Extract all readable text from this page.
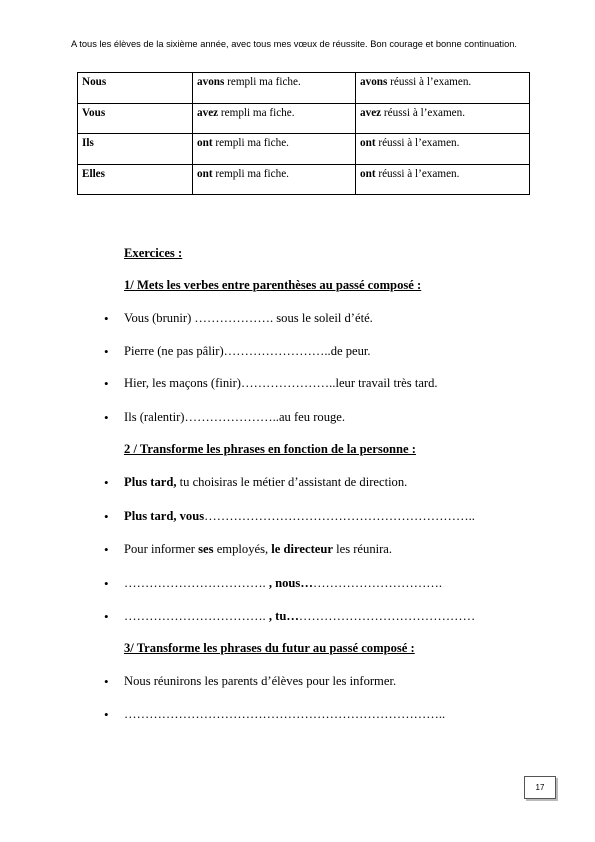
A tous les élèves de la sixième année, avec tous mes vœux de réussite. Bon courage et bonne continuation.
Nous	avons rempli ma fiche.	avons réussi à l’examen.
Vous	avez rempli ma fiche.	avez réussi à l’examen.
Ils	ont rempli ma fiche.	ont réussi à l’examen.
Elles	ont rempli ma fiche.	ont réussi à l’examen.
Exercices :
1/ Mets les verbes entre parenthèses au passé composé :
• Vous (brunir) ………………. sous le soleil d’été.
• Pierre (ne pas pâlir)……………………..de peur.
• Hier, les maçons (finir)…………………..leur travail très tard.
• Ils (ralentir)…………………..au feu rouge.
2 / Transforme les phrases en fonction de la personne :
• Plus tard, tu choisiras le métier d’assistant de direction.
• Plus tard, vous………………………………………………………..
• Pour informer ses employés, le directeur les réunira.
• ……………………………. , nous…………………………….
• ……………………………. , tu………………………………………
3/ Transforme les phrases du futur au passé composé :
• Nous réunirons les parents d’élèves pour les informer.
• …………………………………………………………………..
17
